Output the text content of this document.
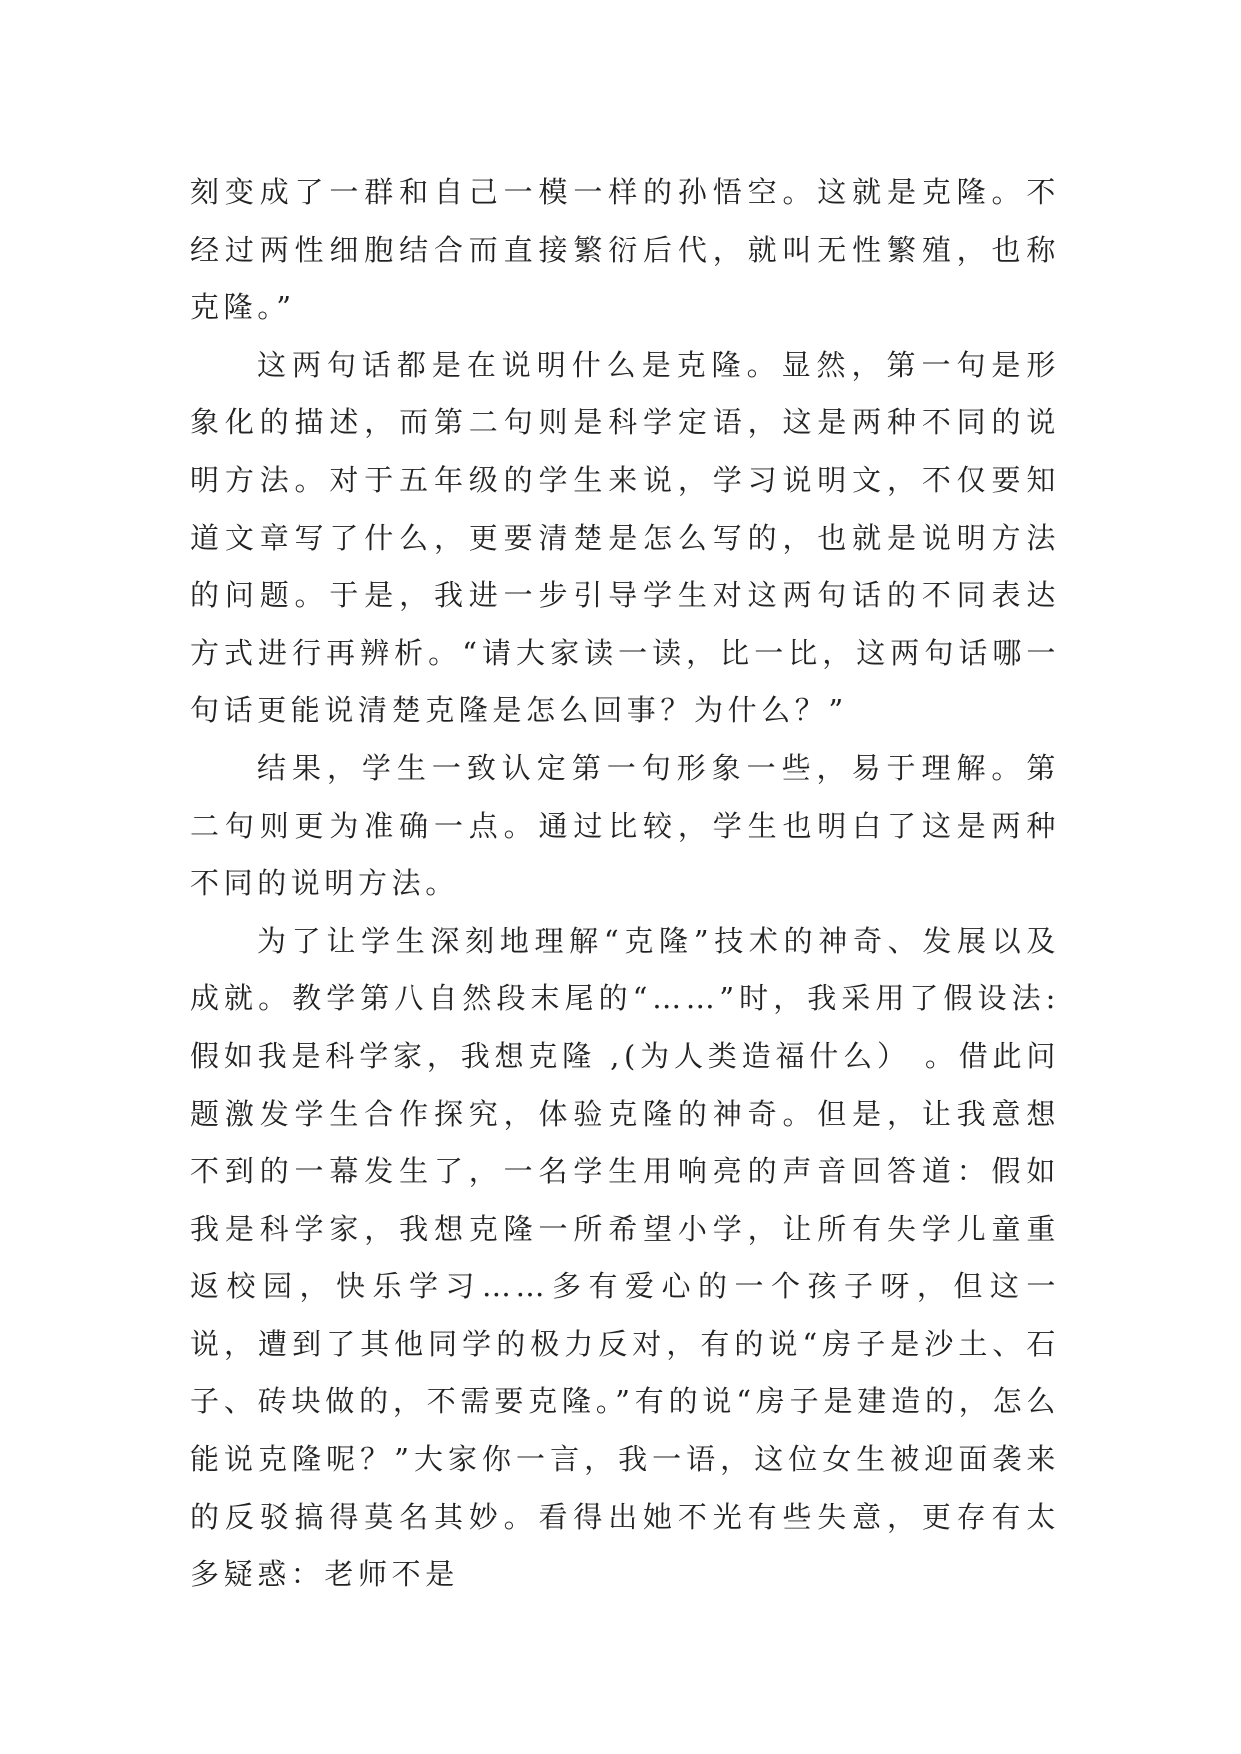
刻变成了一群和自己一模一样的孙悟空。这就是克隆。不经过两性细胞结合而直接繁衍后代，就叫无性繁殖，也称克隆。”

这两句话都是在说明什么是克隆。显然，第一句是形象化的描述，而第二句则是科学定语，这是两种不同的说明方法。对于五年级的学生来说，学习说明文，不仅要知道文章写了什么，更要清楚是怎么写的，也就是说明方法的问题。于是，我进一步引导学生对这两句话的不同表达方式进行再辨析。“请大家读一读，比一比，这两句话哪一句话更能说清楚克隆是怎么回事？为什么？”

结果，学生一致认定第一句形象一些，易于理解。第二句则更为准确一点。通过比较，学生也明白了这是两种不同的说明方法。

为了让学生深刻地理解“克隆”技术的神奇、发展以及成就。教学第八自然段末尾的“……”时，我采用了假设法:假如我是科学家，我想克隆 ,(为人类造福什么） 。借此问题激发学生合作探究，体验克隆的神奇。但是，让我意想不到的一幕发生了，一名学生用响亮的声音回答道：假如我是科学家，我想克隆一所希望小学，让所有失学儿童重返校园，快乐学习……多有爱心的一个孩子呀，但这一说，遭到了其他同学的极力反对，有的说“房子是沙土、石子、砖块做的，不需要克隆。”有的说“房子是建造的，怎么能说克隆呢？”大家你一言，我一语，这位女生被迎面袭来的反驳搞得莫名其妙。看得出她不光有些失意，更存有太多疑惑：老师不是
